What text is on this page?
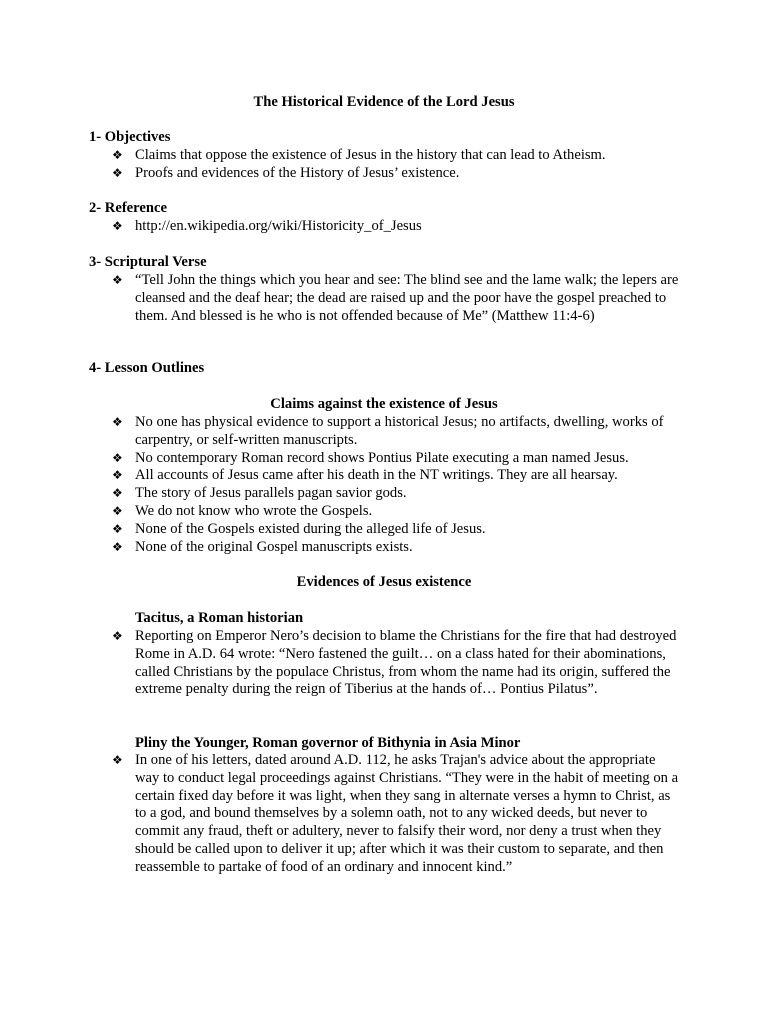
The Historical Evidence of the Lord Jesus
1- Objectives
❖ Claims that oppose the existence of Jesus in the history that can lead to Atheism.
❖ Proofs and evidences of the History of Jesus’ existence.
2- Reference
❖ http://en.wikipedia.org/wiki/Historicity_of_Jesus
3- Scriptural Verse
❖ “Tell John the things which you hear and see: The blind see and the lame walk; the lepers are cleansed and the deaf hear; the dead are raised up and the poor have the gospel preached to them. And blessed is he who is not offended because of Me” (Matthew 11:4-6)
4- Lesson Outlines
Claims against the existence of Jesus
❖ No one has physical evidence to support a historical Jesus; no artifacts, dwelling, works of carpentry, or self-written manuscripts.
❖ No contemporary Roman record shows Pontius Pilate executing a man named Jesus.
❖ All accounts of Jesus came after his death in the NT writings. They are all hearsay.
❖ The story of Jesus parallels pagan savior gods.
❖ We do not know who wrote the Gospels.
❖ None of the Gospels existed during the alleged life of Jesus.
❖ None of the original Gospel manuscripts exists.
Evidences of Jesus existence
Tacitus, a Roman historian
❖ Reporting on Emperor Nero’s decision to blame the Christians for the fire that had destroyed Rome in A.D. 64 wrote: “Nero fastened the guilt… on a class hated for their abominations, called Christians by the populace Christus, from whom the name had its origin, suffered the extreme penalty during the reign of Tiberius at the hands of… Pontius Pilatus”.
Pliny the Younger, Roman governor of Bithynia in Asia Minor
❖ In one of his letters, dated around A.D. 112, he asks Trajan's advice about the appropriate way to conduct legal proceedings against Christians. “They were in the habit of meeting on a certain fixed day before it was light, when they sang in alternate verses a hymn to Christ, as to a god, and bound themselves by a solemn oath, not to any wicked deeds, but never to commit any fraud, theft or adultery, never to falsify their word, nor deny a trust when they should be called upon to deliver it up; after which it was their custom to separate, and then reassemble to partake of food of an ordinary and innocent kind.”
